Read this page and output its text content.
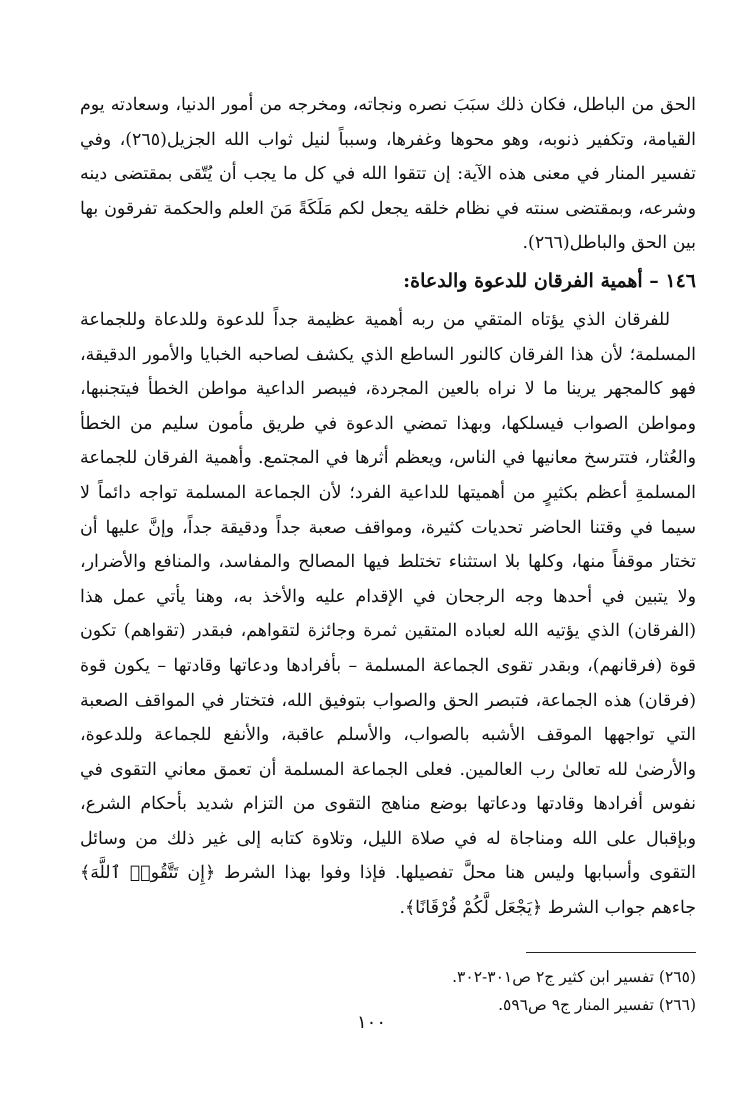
الحق من الباطل، فكان ذلك سبَبَ نصره ونجاته، ومخرجه من أمور الدنيا، وسعادته يوم القيامة، وتكفير ذنوبه، وهو محوها وغفرها، وسبباً لنيل ثواب الله الجزيل(٢٦٥)، وفي تفسير المنار في معنى هذه الآية: إن تتقوا الله في كل ما يجب أن يُتّقى بمقتضى دينه وشرعه، وبمقتضى سنته في نظام خلقه يجعل لكم مَلَكَةً مَنَ العلم والحكمة تفرقون بها بين الحق والباطل(٢٦٦).

١٤٦ – أهمية الفرقان للدعوة والدعاة:

للفرقان الذي يؤتاه المتقي من ربه أهمية عظيمة جداً للدعوة وللدعاة وللجماعة المسلمة؛ لأن هذا الفرقان كالنور الساطع الذي يكشف لصاحبه الخبايا والأمور الدقيقة، فهو كالمجهر يرينا ما لا نراه بالعين المجردة، فيبصر الداعية مواطن الخطأ فيتجنبها، ومواطن الصواب فيسلكها، وبهذا تمضي الدعوة في طريق مأمون سليم من الخطأ والعُثار، فتترسخ معانيها في الناس، ويعظم أثرها في المجتمع. وأهمية الفرقان للجماعة المسلمةِ أعظم بكثيرٍ من أهميتها للداعية الفرد؛ لأن الجماعة المسلمة تواجه دائماً لا سيما في وقتنا الحاضر تحديات كثيرة، ومواقف صعبة جداً ودقيقة جداً، وإنَّ عليها أن تختار موقفاً منها، وكلها بلا استثناء تختلط فيها المصالح والمفاسد، والمنافع والأضرار، ولا يتبين في أحدها وجه الرجحان في الإقدام عليه والأخذ به، وهنا يأتي عمل هذا (الفرقان) الذي يؤتيه الله لعباده المتقين ثمرة وجائزة لتقواهم، فبقدر (تقواهم) تكون قوة (فرقانهم)، وبقدر تقوى الجماعة المسلمة – بأفرادها ودعاتها وقادتها – يكون قوة (فرقان) هذه الجماعة، فتبصر الحق والصواب بتوفيق الله، فتختار في المواقف الصعبة التي تواجهها الموقف الأشبه بالصواب، والأسلم عاقبة، والأنفع للجماعة وللدعوة، والأرضىٰ لله تعالىٰ رب العالمين. فعلى الجماعة المسلمة أن تعمق معاني التقوى في نفوس أفرادها وقادتها ودعاتها بوضع مناهج التقوى من التزام شديد بأحكام الشرع، وبإقبال على الله ومناجاة له في صلاة الليل، وتلاوة كتابه إلى غير ذلك من وسائل التقوى وأسبابها وليس هنا محلَّ تفصيلها. فإذا وفوا بهذا الشرط ﴿إِن تَتَّقُوا۟ ٱللَّهَ﴾ جاءهم جواب الشرط ﴿يَجْعَل لَّكُمْ فُرْقَانًا﴾.

(٢٦٥) تفسير ابن كثير ج٢ ص٣٠١-٣٠٢.

(٢٦٦) تفسير المنار ج٩ ص٥٩٦.

١٠٠
